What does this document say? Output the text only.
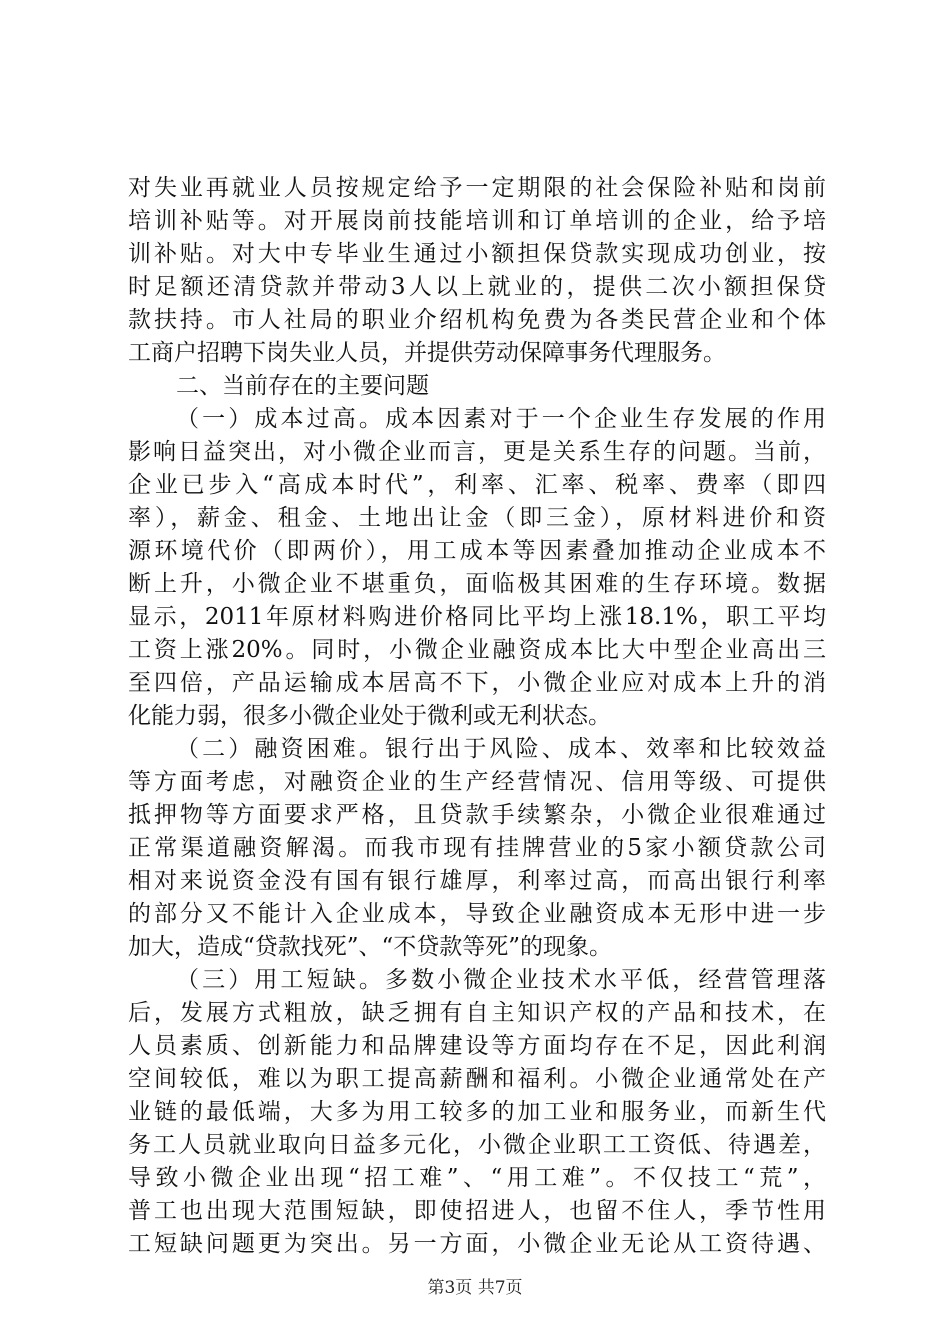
对失业再就业人员按规定给予一定期限的社会保险补贴和岗前
培训补贴等。对开展岗前技能培训和订单培训的企业，给予培
训补贴。对大中专毕业生通过小额担保贷款实现成功创业，按
时足额还清贷款并带动3人以上就业的，提供二次小额担保贷
款扶持。市人社局的职业介绍机构免费为各类民营企业和个体
工商户招聘下岗失业人员，并提供劳动保障事务代理服务。
二、当前存在的主要问题
（一）成本过高。成本因素对于一个企业生存发展的作用
影响日益突出，对小微企业而言，更是关系生存的问题。当前，
企业已步入“高成本时代”，利率、汇率、税率、费率（即四
率），薪金、租金、土地出让金（即三金），原材料进价和资
源环境代价（即两价），用工成本等因素叠加推动企业成本不
断上升，小微企业不堪重负，面临极其困难的生存环境。数据
显示，2011年原材料购进价格同比平均上涨18.1%，职工平均
工资上涨20%。同时，小微企业融资成本比大中型企业高出三
至四倍，产品运输成本居高不下，小微企业应对成本上升的消
化能力弱，很多小微企业处于微利或无利状态。
（二）融资困难。银行出于风险、成本、效率和比较效益
等方面考虑，对融资企业的生产经营情况、信用等级、可提供
抵押物等方面要求严格，且贷款手续繁杂，小微企业很难通过
正常渠道融资解渴。而我市现有挂牌营业的5家小额贷款公司
相对来说资金没有国有银行雄厚，利率过高，而高出银行利率
的部分又不能计入企业成本，导致企业融资成本无形中进一步
加大，造成“贷款找死”、“不贷款等死”的现象。
（三）用工短缺。多数小微企业技术水平低，经营管理落
后，发展方式粗放，缺乏拥有自主知识产权的产品和技术，在
人员素质、创新能力和品牌建设等方面均存在不足，因此利润
空间较低，难以为职工提高薪酬和福利。小微企业通常处在产
业链的最低端，大多为用工较多的加工业和服务业，而新生代
务工人员就业取向日益多元化，小微企业职工工资低、待遇差，
导致小微企业出现“招工难”、“用工难”。不仅技工“荒”，
普工也出现大范围短缺，即使招进人，也留不住人，季节性用
工短缺问题更为突出。另一方面，小微企业无论从工资待遇、
第3页 共7页
